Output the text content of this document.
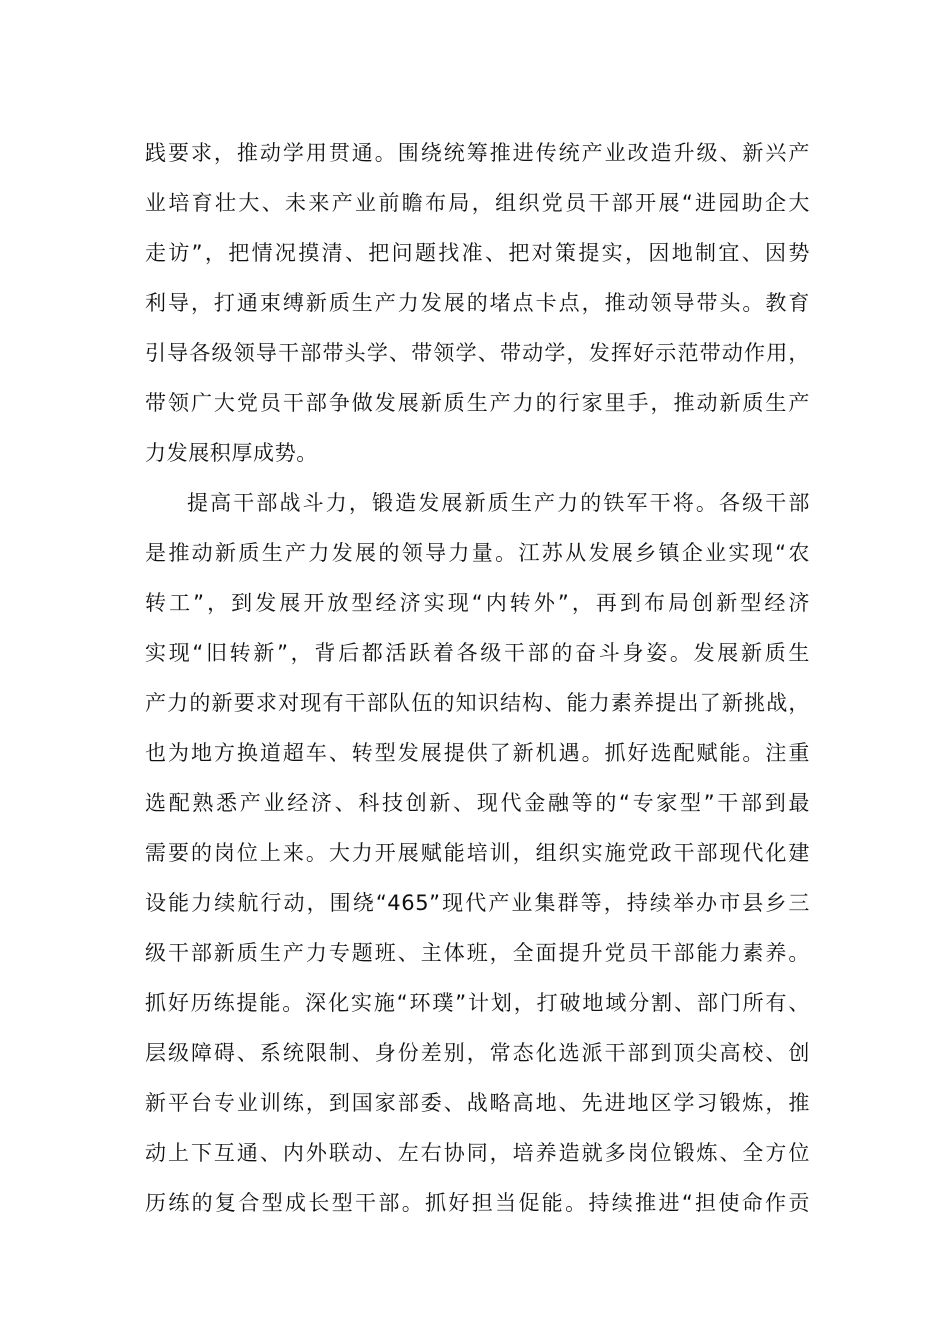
践要求，推动学用贯通。围绕统筹推进传统产业改造升级、新兴产
业培育壮大、未来产业前瞻布局，组织党员干部开展“进园助企大
走访”，把情况摸清、把问题找准、把对策提实，因地制宜、因势
利导，打通束缚新质生产力发展的堵点卡点，推动领导带头。教育
引导各级领导干部带头学、带领学、带动学，发挥好示范带动作用，
带领广大党员干部争做发展新质生产力的行家里手，推动新质生产
力发展积厚成势。

提高干部战斗力，锻造发展新质生产力的铁军干将。各级干部
是推动新质生产力发展的领导力量。江苏从发展乡镇企业实现“农
转工”，到发展开放型经济实现“内转外”，再到布局创新型经济
实现“旧转新”，背后都活跃着各级干部的奋斗身姿。发展新质生
产力的新要求对现有干部队伍的知识结构、能力素养提出了新挑战，
也为地方换道超车、转型发展提供了新机遇。抓好选配赋能。注重
选配熟悉产业经济、科技创新、现代金融等的“专家型”干部到最
需要的岗位上来。大力开展赋能培训，组织实施党政干部现代化建
设能力续航行动，围绕“465”现代产业集群等，持续举办市县乡三
级干部新质生产力专题班、主体班，全面提升党员干部能力素养。
抓好历练提能。深化实施“环璞”计划，打破地域分割、部门所有、
层级障碍、系统限制、身份差别，常态化选派干部到顶尖高校、创
新平台专业训练，到国家部委、战略高地、先进地区学习锻炼，推
动上下互通、内外联动、左右协同，培养造就多岗位锻炼、全方位
历练的复合型成长型干部。抓好担当促能。持续推进“担使命作贡
